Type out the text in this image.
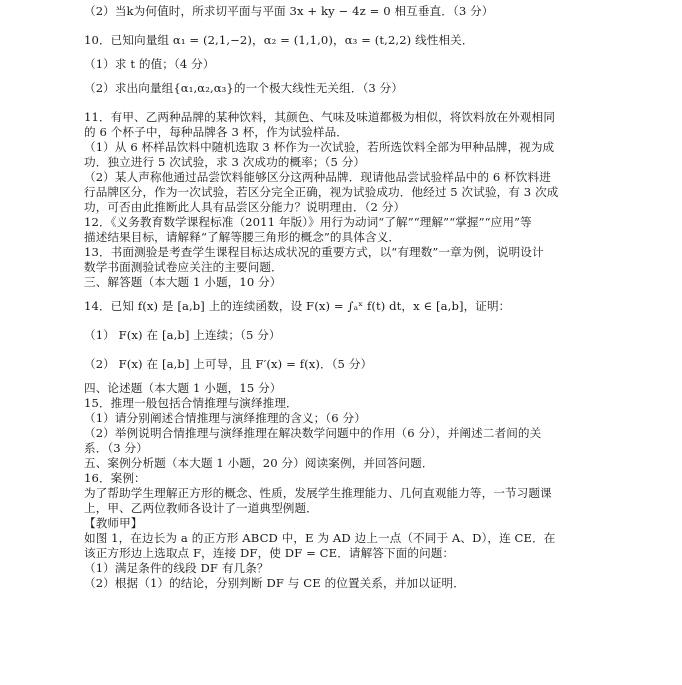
（2）当k为何值时，所求切平面与平面 3x + ky − 4z = 0 相互垂直．（3 分）

10．已知向量组 α₁ = (2,1,−2)，α₂ = (1,1,0)，α₃ = (t,2,2) 线性相关．

（1）求 t 的值；（4 分）

（2）求出向量组{α₁,α₂,α₃}的一个极大线性无关组．（3 分）

11．有甲、乙两种品牌的某种饮料，其颜色、气味及味道都极为相似，将饮料放在外观相同

的 6 个杯子中，每种品牌各 3 杯，作为试验样品．

（1）从 6 杯样品饮料中随机选取 3 杯作为一次试验，若所选饮料全部为甲种品牌，视为成

功．独立进行 5 次试验，求 3 次成功的概率；（5 分）

（2）某人声称他通过品尝饮料能够区分这两种品牌．现请他品尝试验样品中的 6 杯饮料进

行品牌区分，作为一次试验，若区分完全正确，视为试验成功．他经过 5 次试验，有 3 次成

功，可否由此推断此人具有品尝区分能力？说明理由．（2 分）

12．《义务教育数学课程标准（2011 年版）》用行为动词“了解”“理解”“掌握”“应用”等

描述结果目标，请解释“了解等腰三角形的概念”的具体含义．

13．书面测验是考查学生课程目标达成状况的重要方式，以“有理数”一章为例，说明设计

数学书面测验试卷应关注的主要问题．

三、解答题（本大题 1 小题，10 分）

14．已知 f(x) 是 [a,b] 上的连续函数，设 F(x) = ∫ₐˣ f(t) dt，x ∈ [a,b]，证明：

（1） F(x) 在 [a,b] 上连续；（5 分）

（2） F(x) 在 [a,b] 上可导，且 F′(x) = f(x)．（5 分）

四、论述题（本大题 1 小题，15 分）

15．推理一般包括合情推理与演绎推理．

（1）请分别阐述合情推理与演绎推理的含义；（6 分）

（2）举例说明合情推理与演绎推理在解决数学问题中的作用（6 分），并阐述二者间的关

系．（3 分）

五、案例分析题（本大题 1 小题，20 分）阅读案例，并回答问题．

16．案例：

为了帮助学生理解正方形的概念、性质，发展学生推理能力、几何直观能力等，一节习题课

上，甲、乙两位教师各设计了一道典型例题．

【教师甲】

如图 1，在边长为 a 的正方形 ABCD 中，E 为 AD 边上一点（不同于 A、D），连 CE．在

该正方形边上选取点 F，连接 DF，使 DF = CE．请解答下面的问题：

（1）满足条件的线段 DF 有几条？

（2）根据（1）的结论，分别判断 DF 与 CE 的位置关系，并加以证明．
